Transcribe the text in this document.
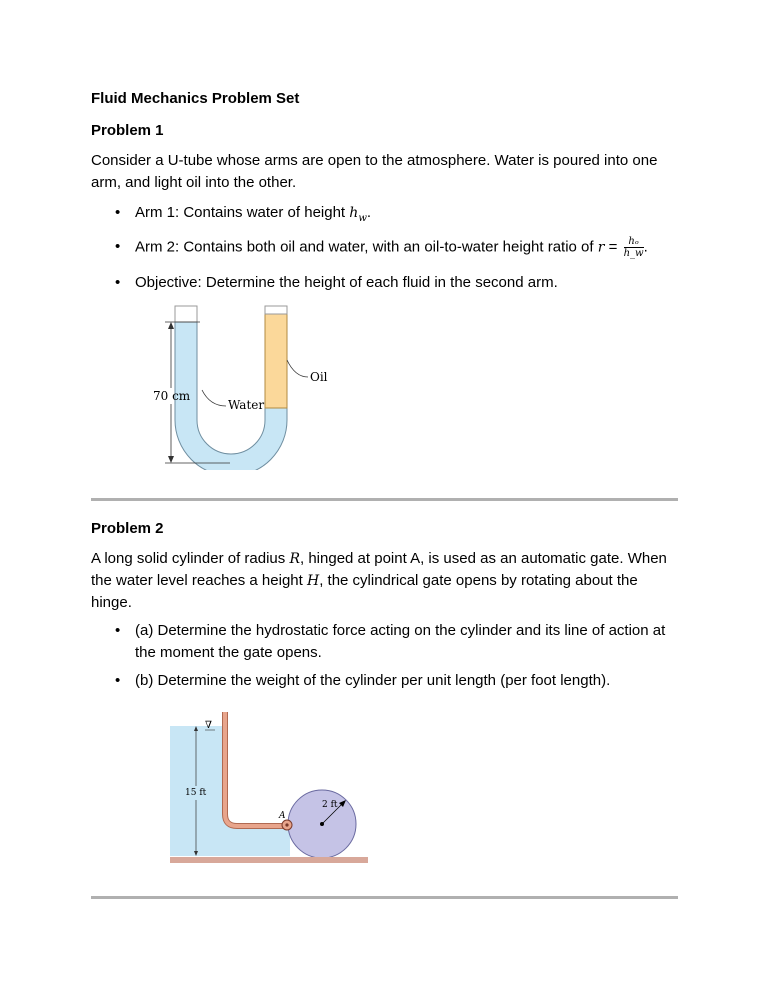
Fluid Mechanics Problem Set
Problem 1
Consider a U-tube whose arms are open to the atmosphere. Water is poured into one arm, and light oil into the other.
• Arm 1: Contains water of height $h_w$.
• Arm 2: Contains both oil and water, with an oil-to-water height ratio of $r = \frac{\text{hₒ}}{h\_w}$ .
• Objective: Determine the height of each fluid in the second arm.
70 cm
Water
Oil
Problem 2
A long solid cylinder of radius R, hinged at point A, is used as an automatic gate. When the water level reaches a height H, the cylindrical gate opens by rotating about the hinge.
• (a) Determine the hydrostatic force acting on the cylinder and its line of action at the moment the gate opens.
• (b) Determine the weight of the cylinder per unit length (per foot length).
A
2 ft
∇
15 ft
